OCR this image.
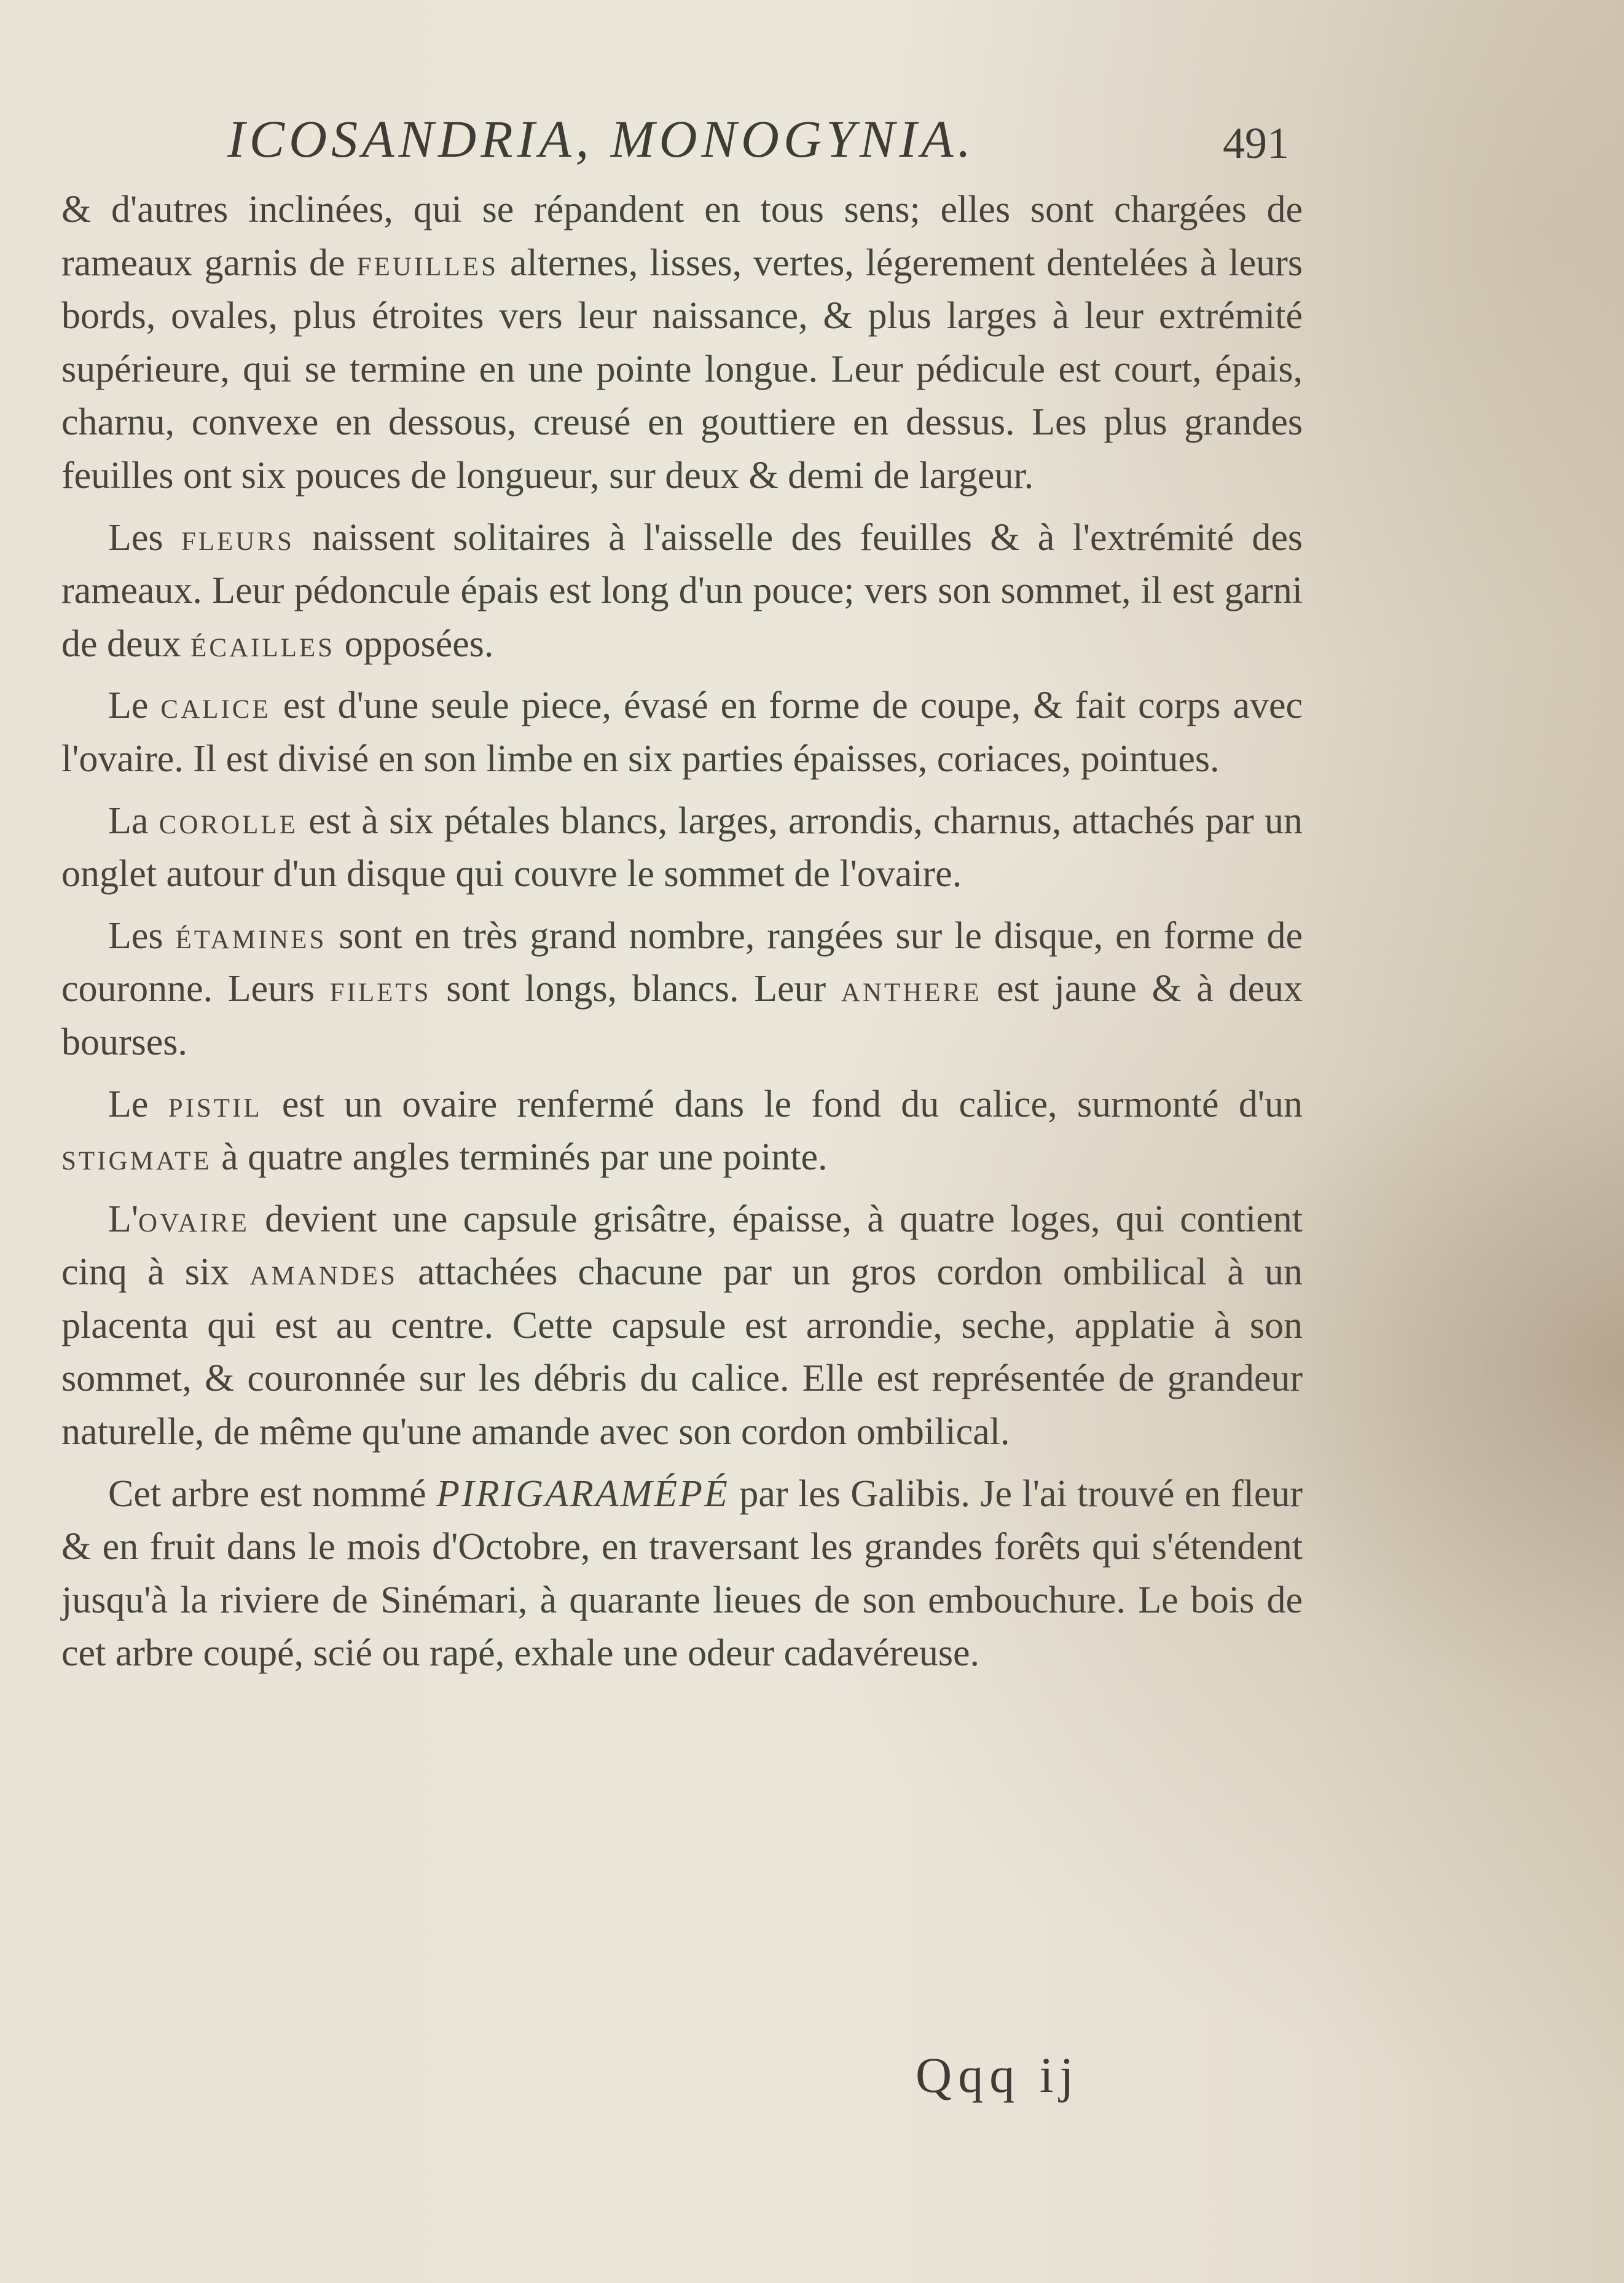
ICOSANDRIA, MONOGYNIA.	491

& d'autres inclinées, qui se répandent en tous sens; elles sont chargées de rameaux garnis de feuilles alternes, lisses, vertes, légerement dentelées à leurs bords, ovales, plus étroites vers leur naissance, & plus larges à leur extrémité supérieure, qui se termine en une pointe longue. Leur pédicule est court, épais, charnu, convexe en dessous, creusé en gouttiere en dessus. Les plus grandes feuilles ont six pouces de longueur, sur deux & demi de largeur.

Les fleurs naissent solitaires à l'aisselle des feuilles & à l'extrémité des rameaux. Leur pédoncule épais est long d'un pouce; vers son sommet, il est garni de deux écailles opposées.

Le calice est d'une seule piece, évasé en forme de coupe, & fait corps avec l'ovaire. Il est divisé en son limbe en six parties épaisses, coriaces, pointues.

La corolle est à six pétales blancs, larges, arrondis, charnus, attachés par un onglet autour d'un disque qui couvre le sommet de l'ovaire.

Les étamines sont en très grand nombre, rangées sur le disque, en forme de couronne. Leurs filets sont longs, blancs. Leur anthere est jaune & à deux bourses.

Le pistil est un ovaire renfermé dans le fond du calice, surmonté d'un stigmate à quatre angles terminés par une pointe.

L'ovaire devient une capsule grisâtre, épaisse, à quatre loges, qui contient cinq à six amandes attachées chacune par un gros cordon ombilical à un placenta qui est au centre. Cette capsule est arrondie, seche, applatie à son sommet, & couronnée sur les débris du calice. Elle est représentée de grandeur naturelle, de même qu'une amande avec son cordon ombilical.

Cet arbre est nommé PIRIGARAMÉPÉ par les Galibis. Je l'ai trouvé en fleur & en fruit dans le mois d'Octobre, en traversant les grandes forêts qui s'étendent jusqu'à la riviere de Sinémari, à quarante lieues de son embouchure. Le bois de cet arbre coupé, scié ou rapé, exhale une odeur cadavéreuse.

Qqq ij
